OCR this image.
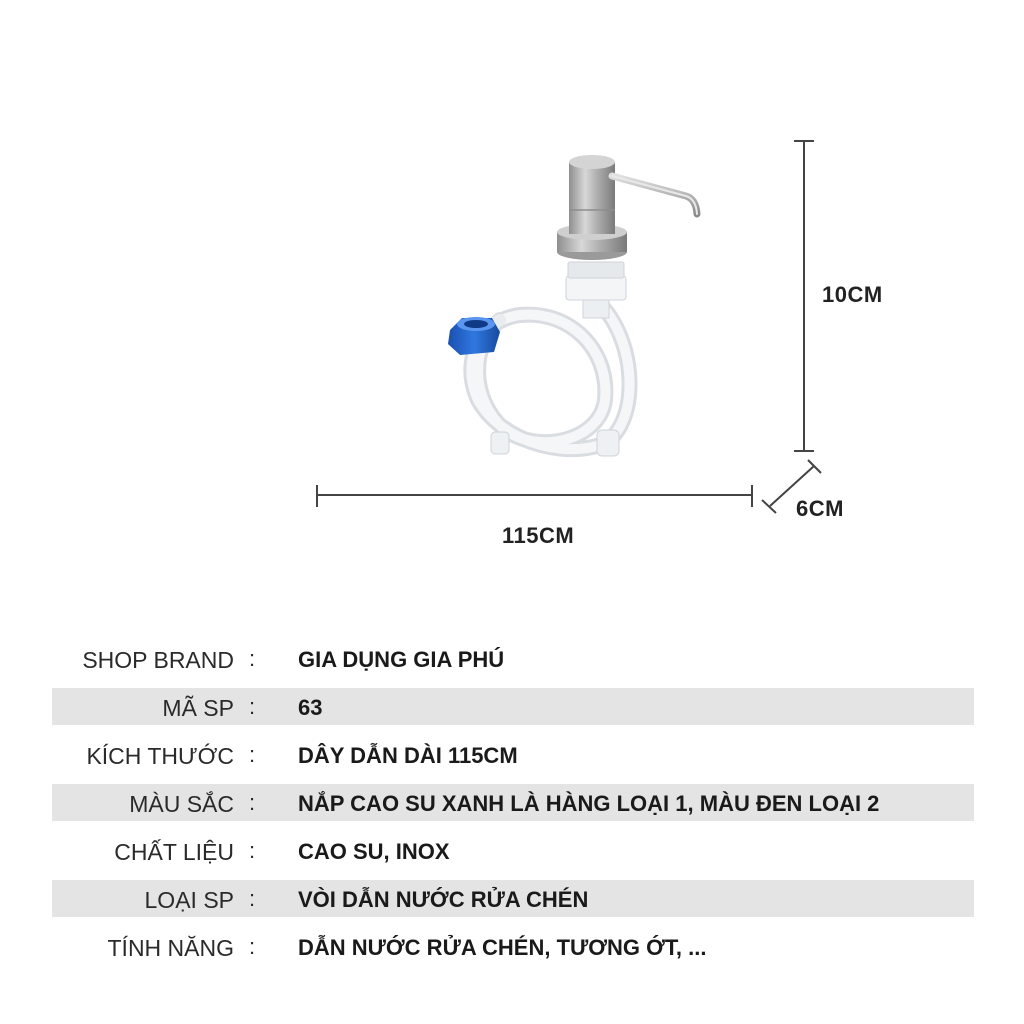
10CM
6CM
115CM
SHOP BRAND : GIA DỤNG GIA PHÚ
MÃ SP : 63
KÍCH THƯỚC : DÂY DẪN DÀI 115CM
MÀU SẮC : NẮP CAO SU XANH LÀ HÀNG LOẠI 1, MÀU ĐEN LOẠI 2
CHẤT LIỆU : CAO SU, INOX
LOẠI SP : VÒI DẪN NƯỚC RỬA CHÉN
TÍNH NĂNG : DẪN NƯỚC RỬA CHÉN, TƯƠNG ỚT, ...
